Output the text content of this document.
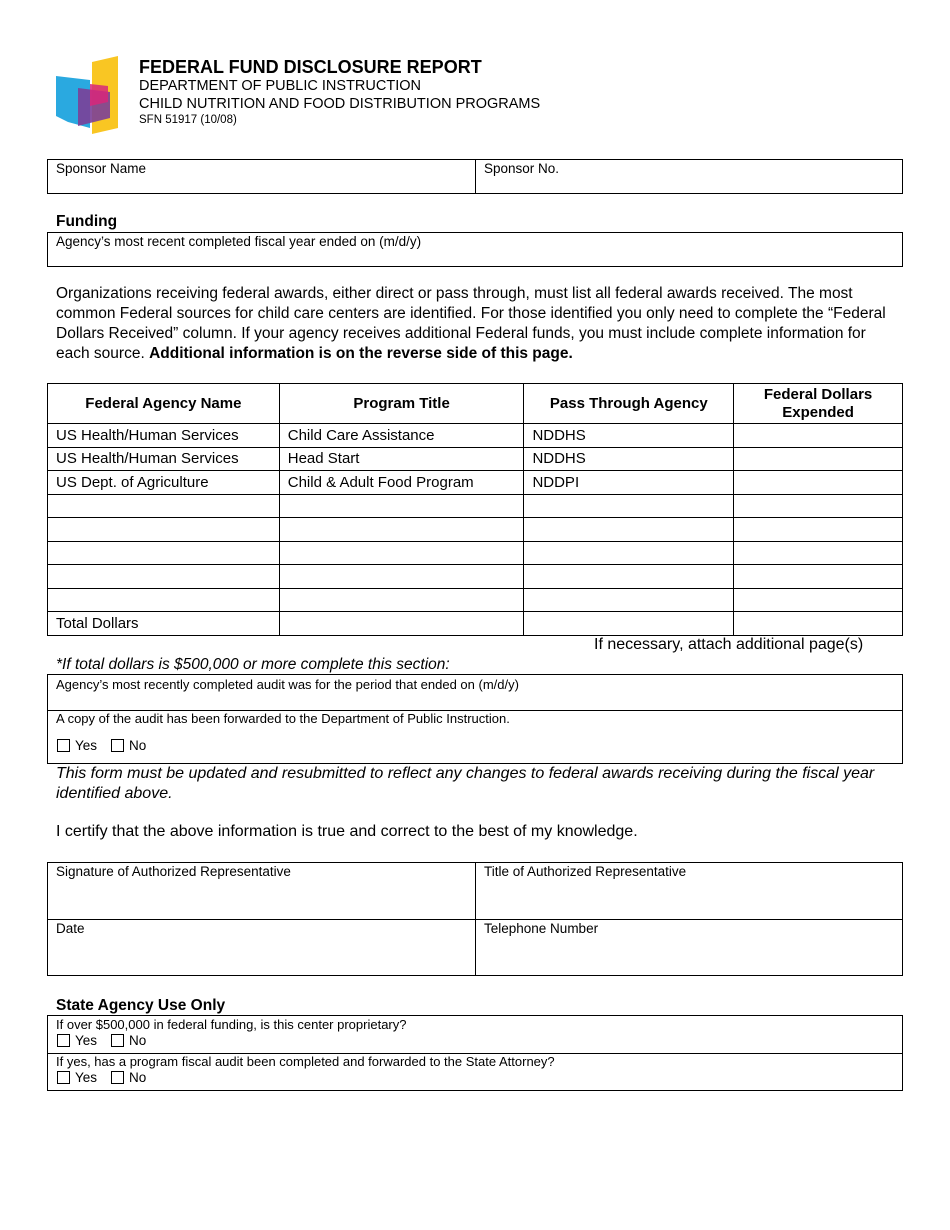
FEDERAL FUND DISCLOSURE REPORT
DEPARTMENT OF PUBLIC INSTRUCTION
CHILD NUTRITION AND FOOD DISTRIBUTION PROGRAMS
SFN 51917 (10/08)
Sponsor Name	Sponsor No.
Funding
Agency’s most recent completed fiscal year ended on (m/d/y)
Organizations receiving federal awards, either direct or pass through, must list all federal awards received. The most common Federal sources for child care centers are identified. For those identified you only need to complete the “Federal Dollars Received” column. If your agency receives additional Federal funds, you must include complete information for each source. Additional information is on the reverse side of this page.
Federal Agency Name	Program Title	Pass Through Agency	Federal Dollars Expended
US Health/Human Services	Child Care Assistance	NDDHS	
US Health/Human Services	Head Start	NDDHS	
US Dept. of Agriculture	Child & Adult Food Program	NDDPI	

Total Dollars			
If necessary, attach additional page(s)
*If total dollars is $500,000 or more complete this section:
Agency’s most recently completed audit was for the period that ended on (m/d/y)
A copy of the audit has been forwarded to the Department of Public Instruction.
Yes No
This form must be updated and resubmitted to reflect any changes to federal awards receiving during the fiscal year identified above.
I certify that the above information is true and correct to the best of my knowledge.
Signature of Authorized Representative	Title of Authorized Representative
Date	Telephone Number
State Agency Use Only
If over $500,000 in federal funding, is this center proprietary?
Yes No
If yes, has a program fiscal audit been completed and forwarded to the State Attorney?
Yes No
